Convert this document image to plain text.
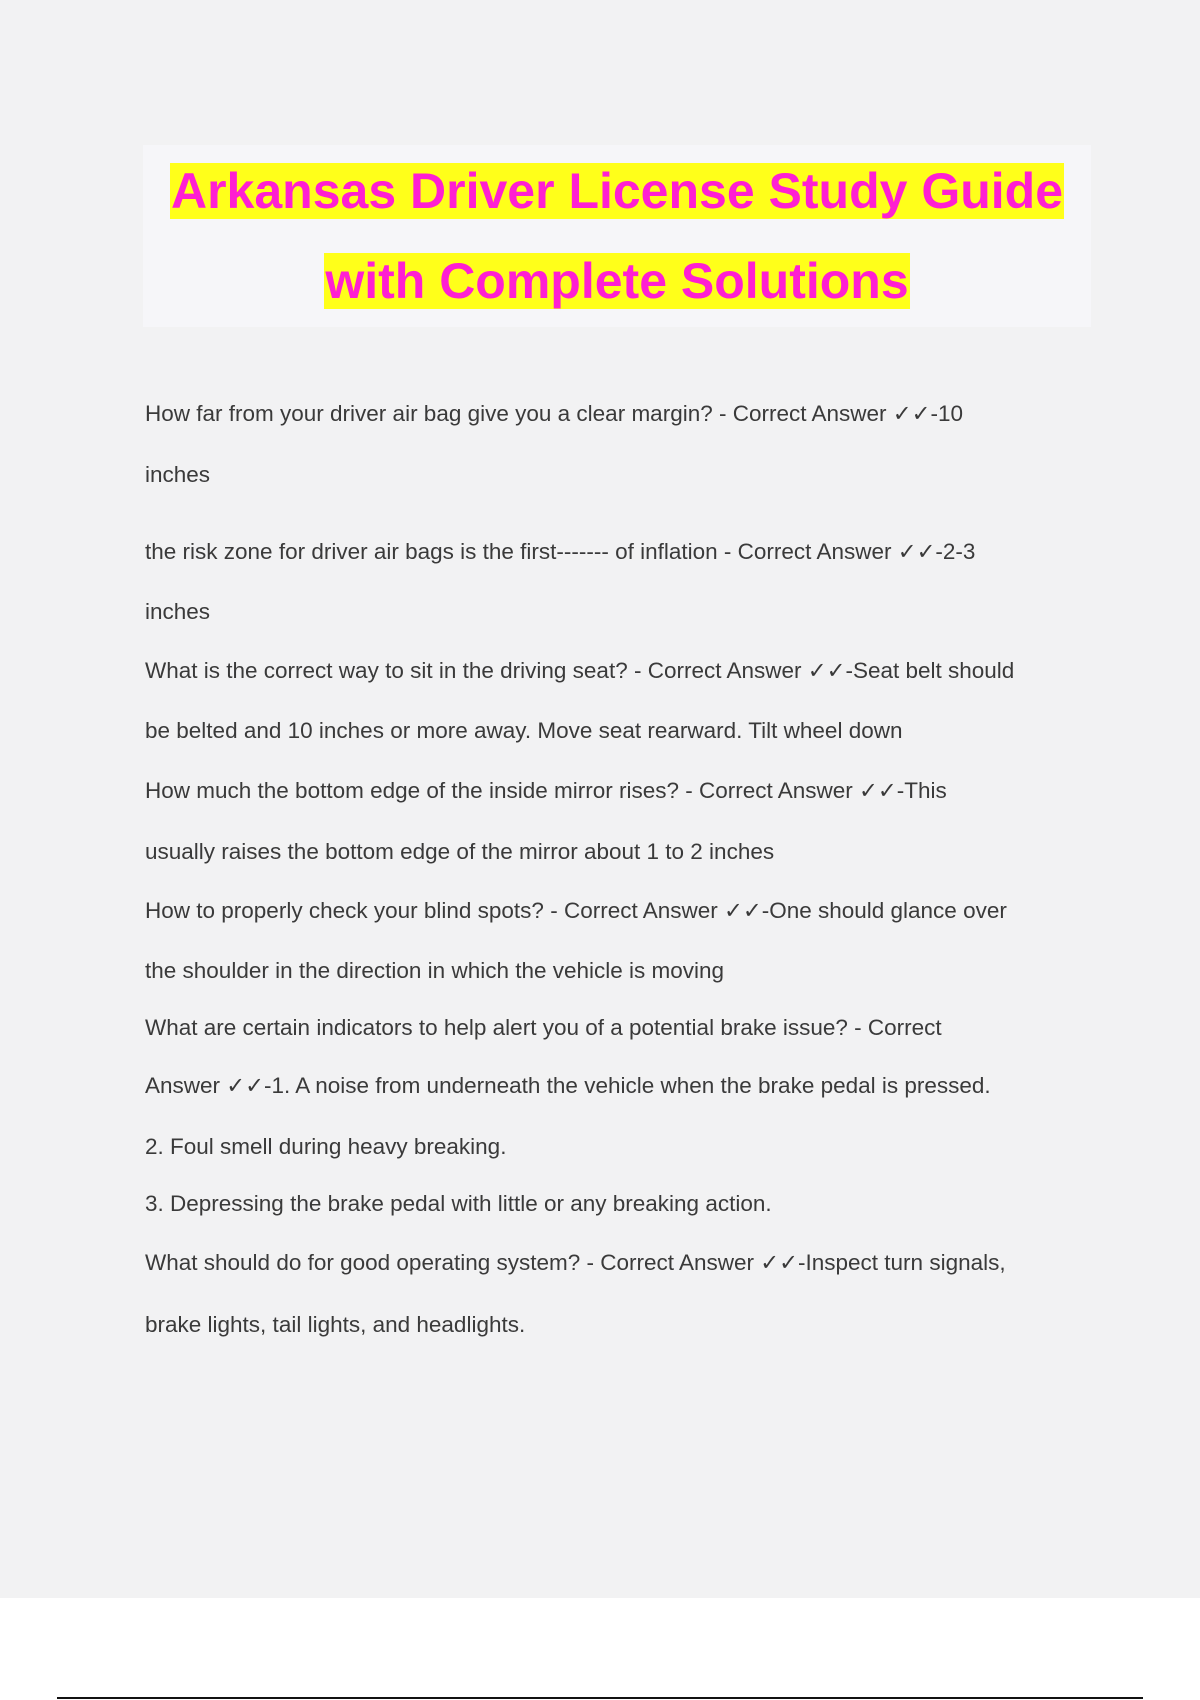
Arkansas Driver License Study Guide
with Complete Solutions
How far from your driver air bag give you a clear margin? - Correct Answer ✓✓-10
inches
the risk zone for driver air bags is the first------- of inflation - Correct Answer ✓✓-2-3
inches
What is the correct way to sit in the driving seat? - Correct Answer ✓✓-Seat belt should
be belted and 10 inches or more away. Move seat rearward. Tilt wheel down
How much the bottom edge of the inside mirror rises? - Correct Answer ✓✓-This
usually raises the bottom edge of the mirror about 1 to 2 inches
How to properly check your blind spots? - Correct Answer ✓✓-One should glance over
the shoulder in the direction in which the vehicle is moving
What are certain indicators to help alert you of a potential brake issue? - Correct
Answer ✓✓-1. A noise from underneath the vehicle when the brake pedal is pressed.
2. Foul smell during heavy breaking.
3. Depressing the brake pedal with little or any breaking action.
What should do for good operating system? - Correct Answer ✓✓-Inspect turn signals,
brake lights, tail lights, and headlights.
